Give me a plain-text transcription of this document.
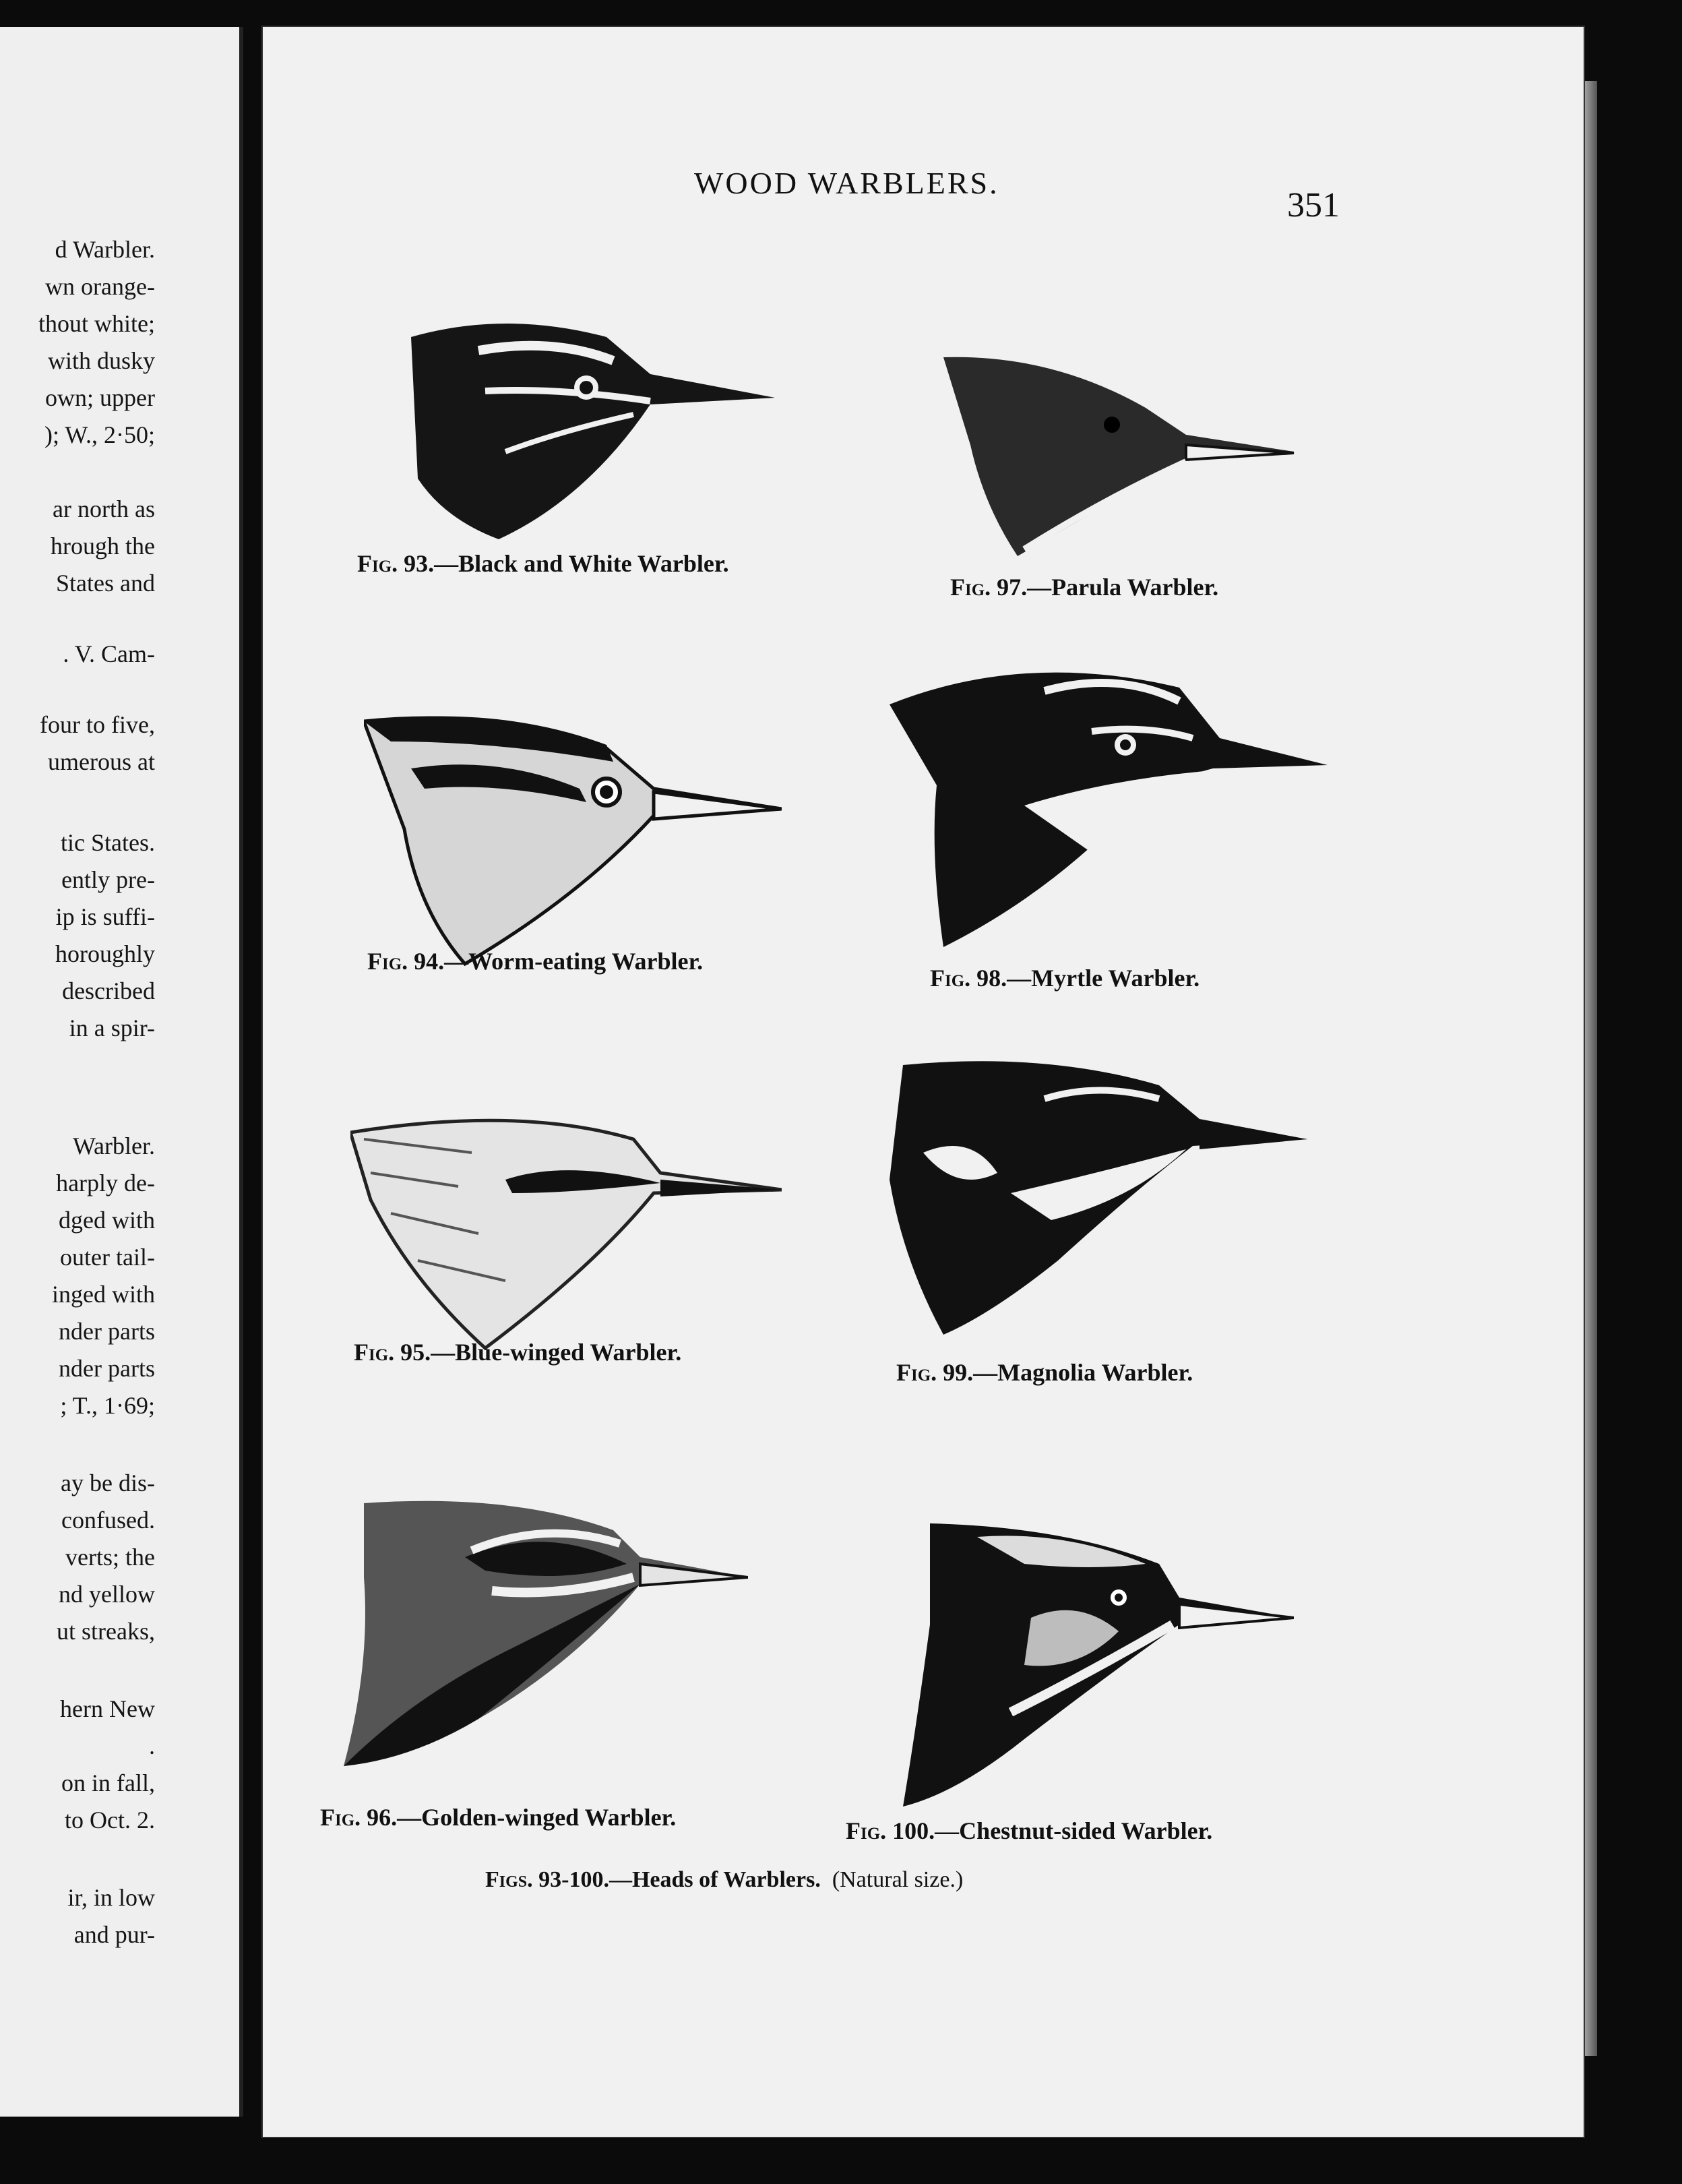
d Warbler.
wn orange-
thout white;
with dusky
own; upper
); W., 2·50;
ar north as
hrough the
States and
. V. Cam-
four to five,
umerous at
tic States.
ently pre-
ip is suffi-
horoughly
described
in a spir-
Warbler.
harply de-
dged with
outer tail-
inged with
nder parts
nder parts
; T., 1·69;
ay be dis-
confused.
verts; the
nd yellow
ut streaks,
hern New
.
on in fall,
to Oct. 2.
ir, in low
and pur-
WOOD WARBLERS.
351
Fig. 93.—Black and White Warbler.
Fig. 97.—Parula Warbler.
Fig. 94.—Worm-eating Warbler.
Fig. 98.—Myrtle Warbler.
Fig. 95.—Blue-winged Warbler.
Fig. 99.—Magnolia Warbler.
Fig. 96.—Golden-winged Warbler.	Fig. 100.—Chestnut-sided Warbler.
Figs. 93-100.—Heads of Warblers. (Natural size.)
